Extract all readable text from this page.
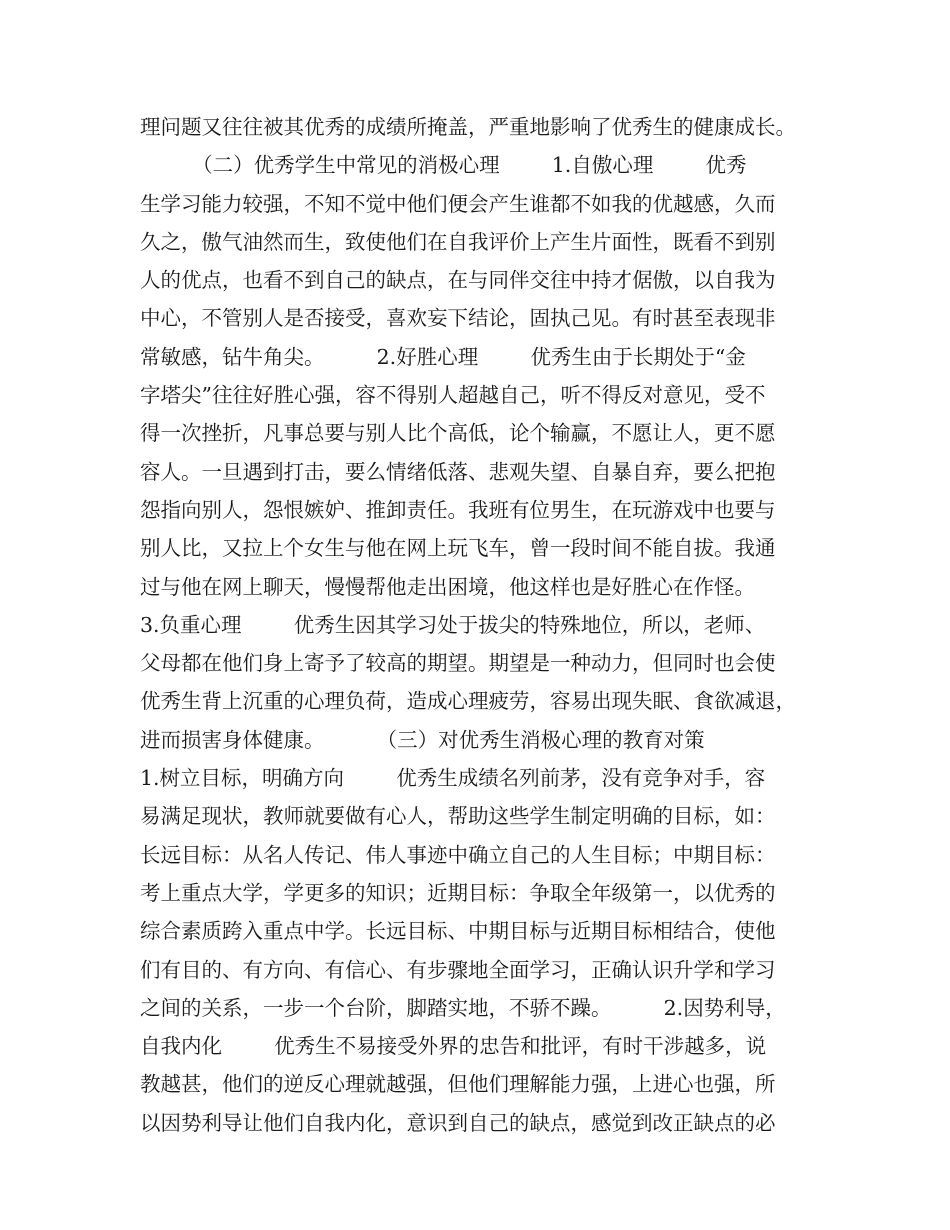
理问题又往往被其优秀的成绩所掩盖，严重地影响了优秀生的健康成长。
（二）优秀学生中常见的消极心理        1.自傲心理        优秀
生学习能力较强，不知不觉中他们便会产生谁都不如我的优越感，久而
久之，傲气油然而生，致使他们在自我评价上产生片面性，既看不到别
人的优点，也看不到自己的缺点，在与同伴交往中持才倨傲，以自我为
中心，不管别人是否接受，喜欢妄下结论，固执己见。有时甚至表现非
常敏感，钻牛角尖。        2.好胜心理        优秀生由于长期处于“金
字塔尖”往往好胜心强，容不得别人超越自己，听不得反对意见，受不
得一次挫折，凡事总要与别人比个高低，论个输赢，不愿让人，更不愿
容人。一旦遇到打击，要么情绪低落、悲观失望、自暴自弃，要么把抱
怨指向别人，怨恨嫉妒、推卸责任。我班有位男生，在玩游戏中也要与
别人比，又拉上个女生与他在网上玩飞车，曾一段时间不能自拔。我通
过与他在网上聊天，慢慢帮他走出困境，他这样也是好胜心在作怪。
3.负重心理        优秀生因其学习处于拔尖的特殊地位，所以，老师、
父母都在他们身上寄予了较高的期望。期望是一种动力，但同时也会使
优秀生背上沉重的心理负荷，造成心理疲劳，容易出现失眠、食欲减退，
进而损害身体健康。        （三）对优秀生消极心理的教育对策
1.树立目标，明确方向        优秀生成绩名列前茅，没有竞争对手，容
易满足现状，教师就要做有心人，帮助这些学生制定明确的目标，如：
长远目标：从名人传记、伟人事迹中确立自己的人生目标；中期目标：
考上重点大学，学更多的知识；近期目标：争取全年级第一，以优秀的
综合素质跨入重点中学。长远目标、中期目标与近期目标相结合，使他
们有目的、有方向、有信心、有步骤地全面学习，正确认识升学和学习
之间的关系，一步一个台阶，脚踏实地，不骄不躁。        2.因势利导，
自我内化        优秀生不易接受外界的忠告和批评，有时干涉越多，说
教越甚，他们的逆反心理就越强，但他们理解能力强，上进心也强，所
以因势利导让他们自我内化，意识到自己的缺点，感觉到改正缺点的必
